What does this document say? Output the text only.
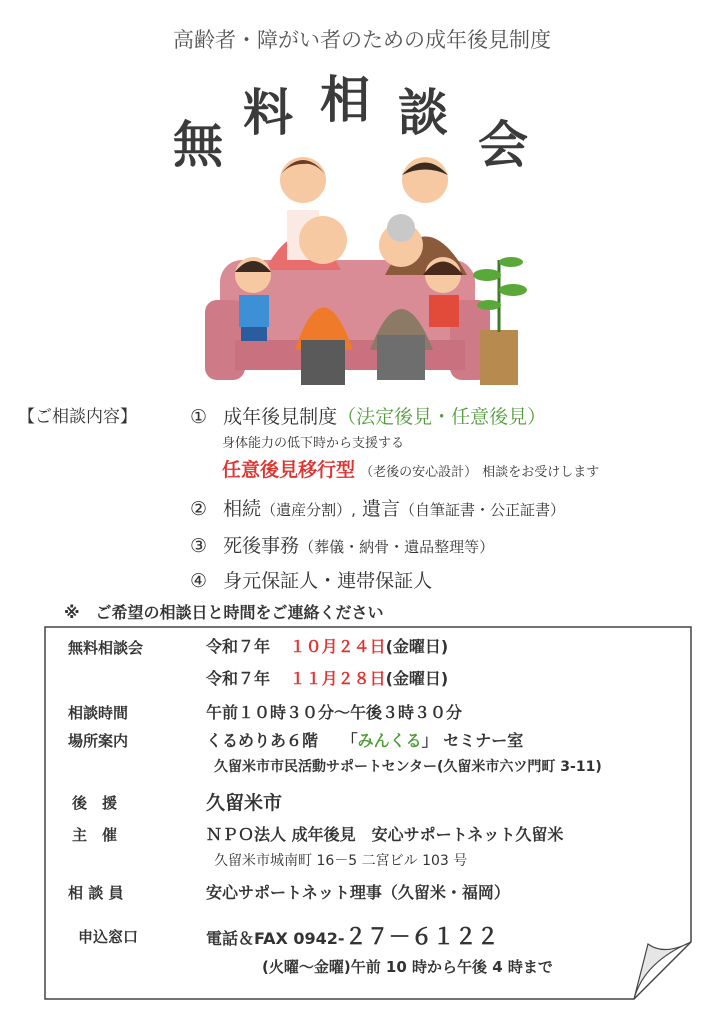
高齢者・障がい者のための成年後見制度
無
料 相 談
会
【ご相談内容】	① 成年後見制度（法定後見・任意後見）
身体能力の低下時から支援する
任意後見移行型 （老後の安心設計） 相談をお受けします
② 相続（遺産分割）, 遺言（自筆証書・公正証書）
③ 死後事務（葬儀・納骨・遺品整理等）
④ 身元保証人・連帯保証人
※　ご希望の相談日と時間をご連絡ください
無料相談会	令和７年 １０月２４日(金曜日)
令和７年 １１月２８日(金曜日)
相談時間	午前１０時３０分～午後３時３０分
場所案内	くるめりあ６階 「みんくる」 セミナー室
久留米市市民活動サポートセンター(久留米市六ツ門町 3-11)
後　援	久留米市
主　催	ＮＰＯ法人 成年後見　安心サポートネット久留米
久留米市城南町 16－5 二宮ビル 103 号
相 談 員	安心サポートネット理事（久留米・福岡）
申込窓口	電話＆FAX 0942-２７－６１２２
(火曜～金曜)午前 10 時から午後 4 時まで
